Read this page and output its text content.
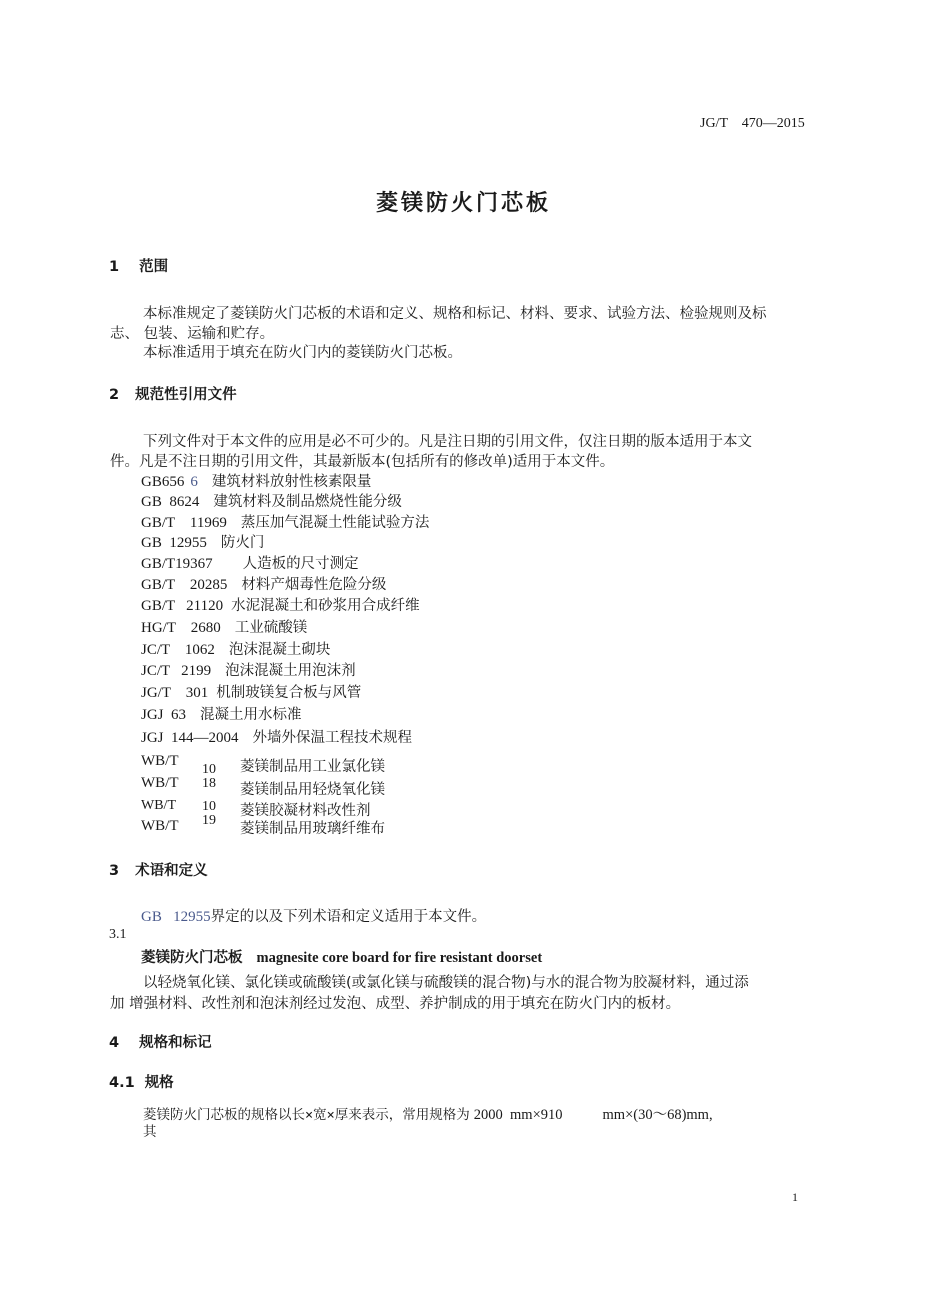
JG/T　470—2015
菱镁防火门芯板
1 范围
本标准规定了菱镁防火门芯板的术语和定义、规格和标记、材料、要求、试验方法、检验规则及标
志、 包装、运输和贮存。
本标准适用于填充在防火门内的菱镁防火门芯板。
2 规范性引用文件
下列文件对于本文件的应用是必不可少的。凡是注日期的引用文件，仅注日期的版本适用于本文
件。凡是不注日期的引用文件，其最新版本(包括所有的修改单)适用于本文件。
GB656 6 建筑材料放射性核素限量
GB  8624 建筑材料及制品燃烧性能分级
GB/T    11969 蒸压加气混凝土性能试验方法
GB  12955 防火门
GB/T19367 人造板的尺寸测定
GB/T    20285 材料产烟毒性危险分级
GB/T   21120 水泥混凝土和砂浆用合成纤维
HG/T    2680 工业硫酸镁
JC/T    1062 泡沫混凝土砌块
JC/T   2199 泡沫混凝土用泡沫剂
JG/T    301 机制玻镁复合板与风管
JGJ  63 混凝土用水标准
JGJ  144—2004 外墙外保温工程技术规程
WB/T
10 菱镁制品用工业氯化镁
WB/T 18 菱镁制品用轻烧氧化镁
WB/T 10 菱镁胶凝材料改性剂
WB/T 19
菱镁制品用玻璃纤维布
3 术语和定义
GB   12955界定的以及下列术语和定义适用于本文件。
3.1
菱镁防火门芯板 magnesite core board for fire resistant doorset
以轻烧氧化镁、氯化镁或硫酸镁(或氯化镁与硫酸镁的混合物)与水的混合物为胶凝材料，通过添
加 增强材料、改性剂和泡沫剂经过发泡、成型、养护制成的用于填充在防火门内的板材。
4 规格和标记
4.1 规格
菱镁防火门芯板的规格以长×宽×厚来表示，常用规格为 2000  mm×910	mm×(30～68)mm,
其
1
